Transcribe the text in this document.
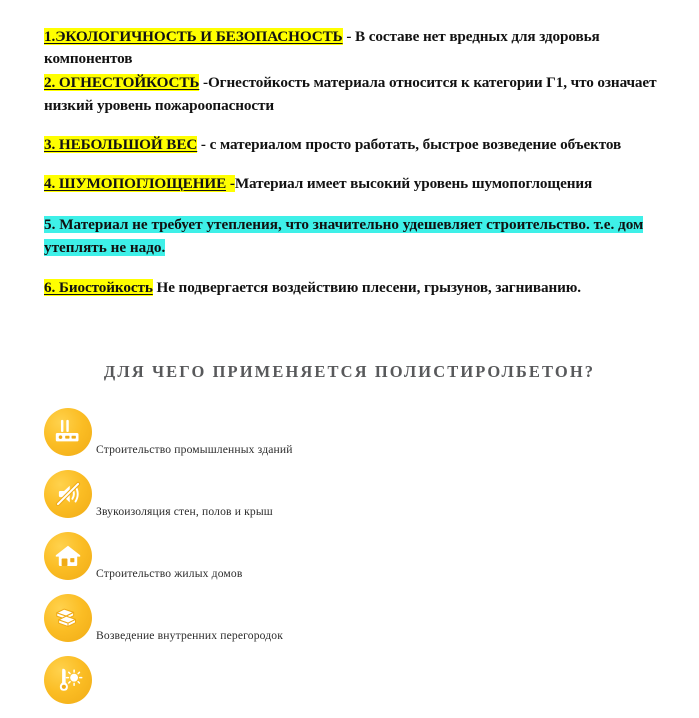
1.ЭКОЛОГИЧНОСТЬ И БЕЗОПАСНОСТЬ - В составе нет вредных для здоровья компонентов

2. ОГНЕСТОЙКОСТЬ -Огнестойкость материала относится к категории Г1, что означает низкий уровень пожароопасности

3. НЕБОЛЬШОЙ ВЕС - с материалом просто работать, быстрое возведение объектов

4. ШУМОПОГЛОЩЕНИЕ -Материал имеет высокий уровень шумопоглощения

5. Материал не требует утепления, что значительно удешевляет строительство. т.е. дом утеплять не надо.

6. Биостойкость Не подвергается воздействию плесени, грызунов, загниванию.

ДЛЯ ЧЕГО ПРИМЕНЯЕТСЯ ПОЛИСТИРОЛБЕТОН?
Строительство промышленных зданий
Звукоизоляция стен, полов и крыш
Строительство жилых домов
Возведение внутренних перегородок
